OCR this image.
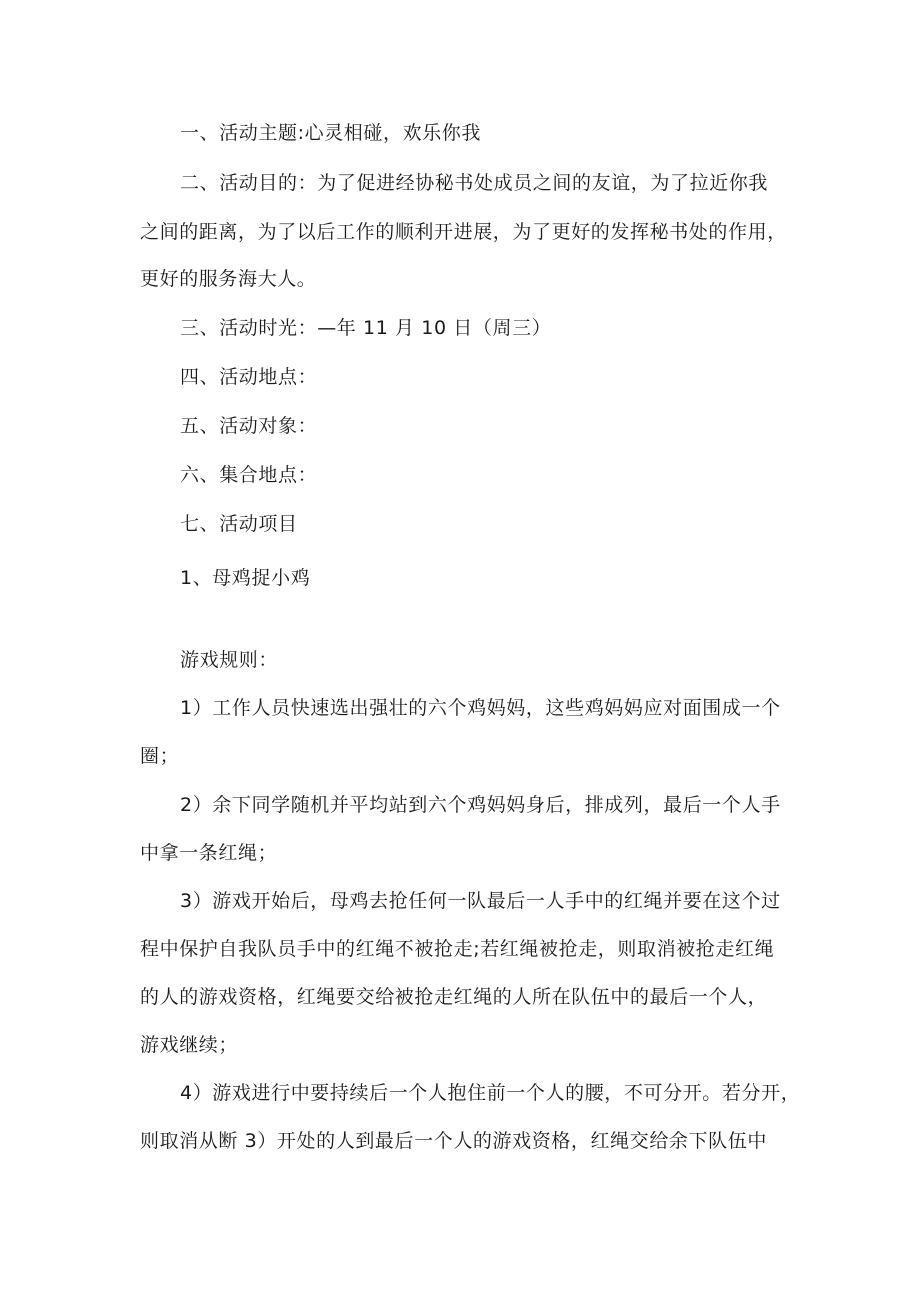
一、活动主题:心灵相碰，欢乐你我
二、活动目的：为了促进经协秘书处成员之间的友谊，为了拉近你我
之间的距离，为了以后工作的顺利开进展，为了更好的发挥秘书处的作用，
更好的服务海大人。
三、活动时光：—年 11 月 10 日（周三）
四、活动地点：
五、活动对象：
六、集合地点：
七、活动项目
1、母鸡捉小鸡
游戏规则：
1）工作人员快速选出强壮的六个鸡妈妈，这些鸡妈妈应对面围成一个
圈；
2）余下同学随机并平均站到六个鸡妈妈身后，排成列，最后一个人手
中拿一条红绳；
3）游戏开始后，母鸡去抢任何一队最后一人手中的红绳并要在这个过
程中保护自我队员手中的红绳不被抢走;若红绳被抢走，则取消被抢走红绳
的人的游戏资格，红绳要交给被抢走红绳的人所在队伍中的最后一个人，
游戏继续；
4）游戏进行中要持续后一个人抱住前一个人的腰，不可分开。若分开，
则取消从断 3）开处的人到最后一个人的游戏资格，红绳交给余下队伍中
